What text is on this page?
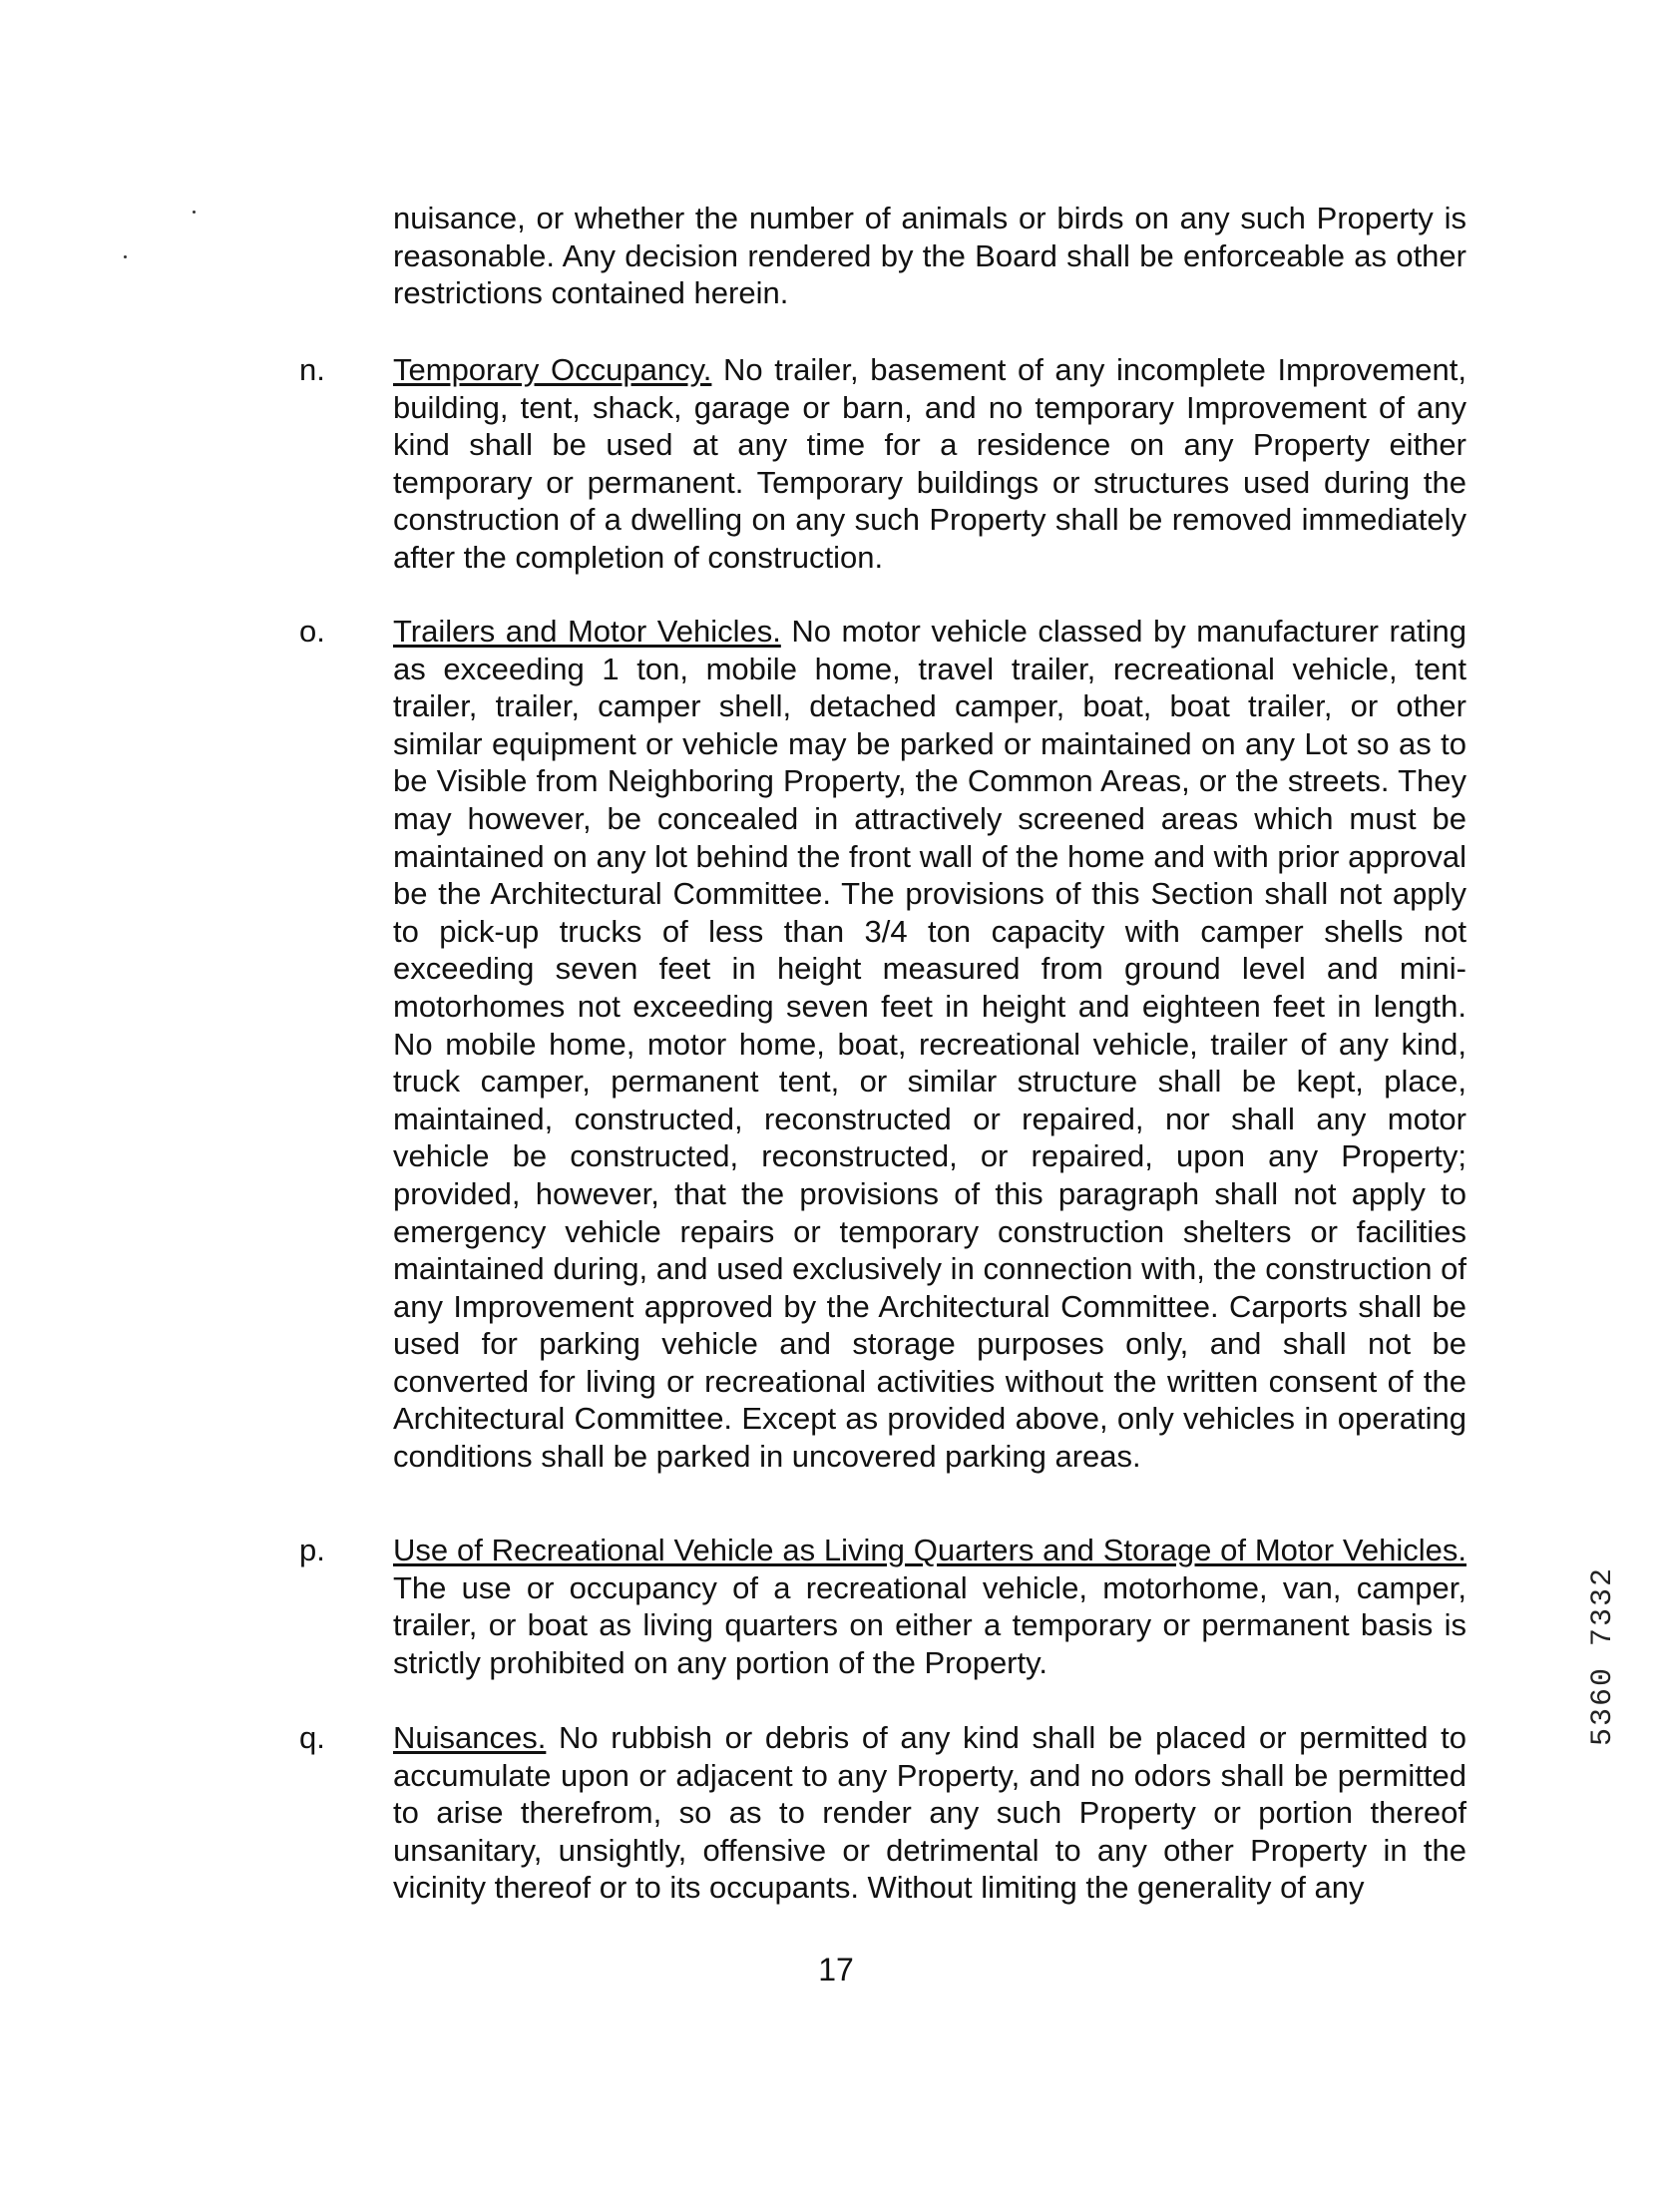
nuisance, or whether the number of animals or birds on any such Property is reasonable. Any decision rendered by the Board shall be enforceable as other restrictions contained herein.

n. Temporary Occupancy. No trailer, basement of any incomplete Improvement, building, tent, shack, garage or barn, and no temporary Improvement of any kind shall be used at any time for a residence on any Property either temporary or permanent. Temporary buildings or structures used during the construction of a dwelling on any such Property shall be removed immediately after the completion of construction.

o. Trailers and Motor Vehicles. No motor vehicle classed by manufacturer rating as exceeding 1 ton, mobile home, travel trailer, recreational vehicle, tent trailer, trailer, camper shell, detached camper, boat, boat trailer, or other similar equipment or vehicle may be parked or maintained on any Lot so as to be Visible from Neighboring Property, the Common Areas, or the streets. They may however, be concealed in attractively screened areas which must be maintained on any lot behind the front wall of the home and with prior approval be the Architectural Committee. The provisions of this Section shall not apply to pick-up trucks of less than 3/4 ton capacity with camper shells not exceeding seven feet in height measured from ground level and mini-motorhomes not exceeding seven feet in height and eighteen feet in length. No mobile home, motor home, boat, recreational vehicle, trailer of any kind, truck camper, permanent tent, or similar structure shall be kept, place, maintained, constructed, reconstructed or repaired, nor shall any motor vehicle be constructed, reconstructed, or repaired, upon any Property; provided, however, that the provisions of this paragraph shall not apply to emergency vehicle repairs or temporary construction shelters or facilities maintained during, and used exclusively in connection with, the construction of any Improvement approved by the Architectural Committee. Carports shall be used for parking vehicle and storage purposes only, and shall not be converted for living or recreational activities without the written consent of the Architectural Committee. Except as provided above, only vehicles in operating conditions shall be parked in uncovered parking areas.

p. Use of Recreational Vehicle as Living Quarters and Storage of Motor Vehicles. The use or occupancy of a recreational vehicle, motorhome, van, camper, trailer, or boat as living quarters on either a temporary or permanent basis is strictly prohibited on any portion of the Property.

q. Nuisances. No rubbish or debris of any kind shall be placed or permitted to accumulate upon or adjacent to any Property, and no odors shall be permitted to arise therefrom, so as to render any such Property or portion thereof unsanitary, unsightly, offensive or detrimental to any other Property in the vicinity thereof or to its occupants. Without limiting the generality of any

17
5360 7332
